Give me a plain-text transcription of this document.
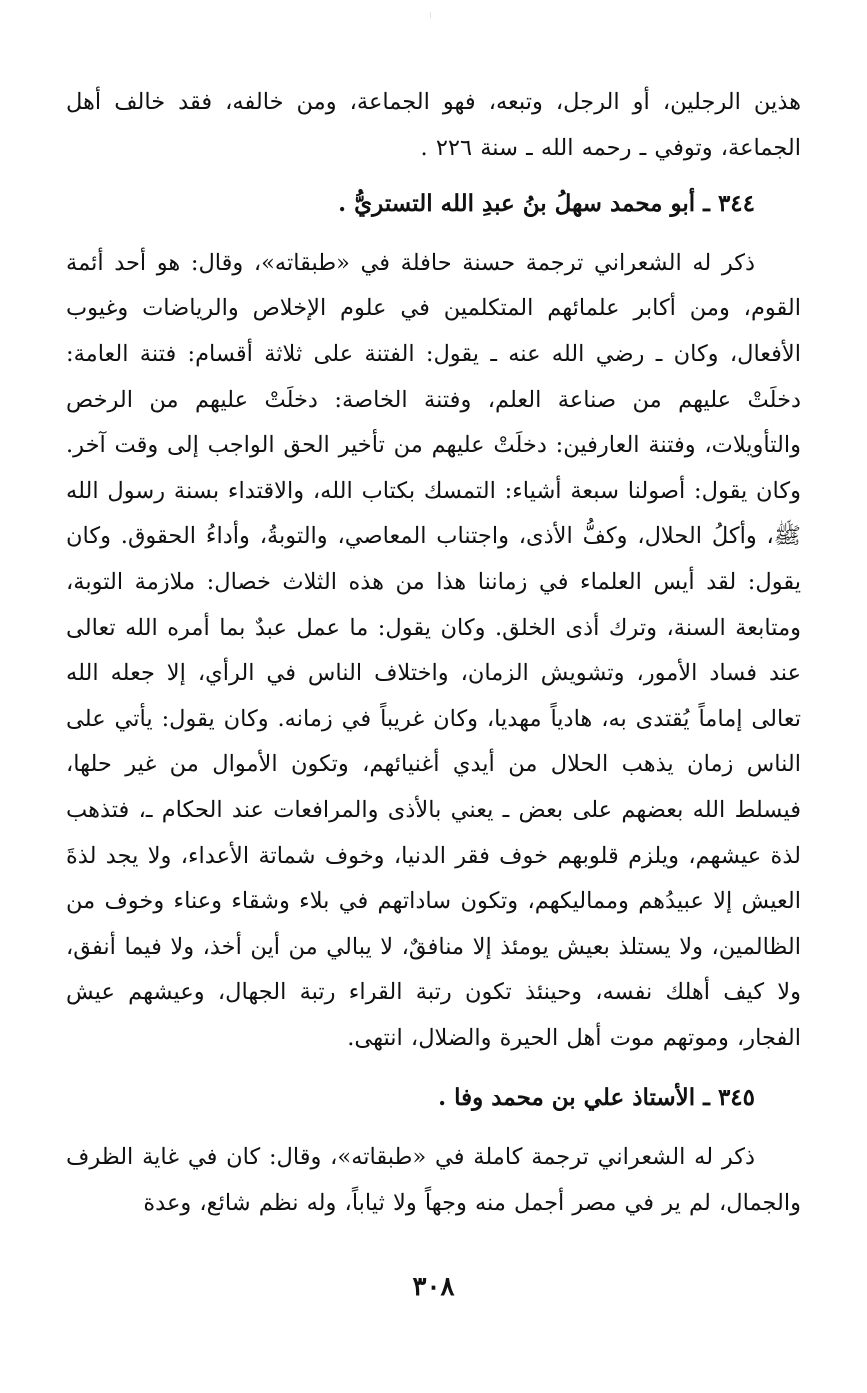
هذين الرجلين، أو الرجل، وتبعه، فهو الجماعة، ومن خالفه، فقد خالف أهل الجماعة، وتوفي ـ رحمه الله ـ سنة ٢٢٦ .

٣٤٤ ـ أبو محمد سهلُ بنُ عبدِ الله التستريُّ .

ذكر له الشعراني ترجمة حسنة حافلة في «طبقاته»، وقال: هو أحد أئمة القوم، ومن أكابر علمائهم المتكلمين في علوم الإخلاص والرياضات وغيوب الأفعال، وكان ـ رضي الله عنه ـ يقول: الفتنة على ثلاثة أقسام: فتنة العامة: دخلَتْ عليهم من صناعة العلم، وفتنة الخاصة: دخلَتْ عليهم من الرخص والتأويلات، وفتنة العارفين: دخلَتْ عليهم من تأخير الحق الواجب إلى وقت آخر. وكان يقول: أصولنا سبعة أشياء: التمسك بكتاب الله، والاقتداء بسنة رسول الله ﷺ، وأكلُ الحلال، وكفُّ الأذى، واجتناب المعاصي، والتوبةُ، وأداءُ الحقوق. وكان يقول: لقد أيس العلماء في زماننا هذا من هذه الثلاث خصال: ملازمة التوبة، ومتابعة السنة، وترك أذى الخلق. وكان يقول: ما عمل عبدٌ بما أمره الله تعالى عند فساد الأمور، وتشويش الزمان، واختلاف الناس في الرأي، إلا جعله الله تعالى إماماً يُقتدى به، هادياً مهديا، وكان غريباً في زمانه. وكان يقول: يأتي على الناس زمان يذهب الحلال من أيدي أغنيائهم، وتكون الأموال من غير حلها، فيسلط الله بعضهم على بعض ـ يعني بالأذى والمرافعات عند الحكام ـ، فتذهب لذة عيشهم، ويلزم قلوبهم خوف فقر الدنيا، وخوف شماتة الأعداء، ولا يجد لذةَ العيش إلا عبيدُهم ومماليكهم، وتكون ساداتهم في بلاء وشقاء وعناء وخوف من الظالمين، ولا يستلذ بعيش يومئذ إلا منافقٌ، لا يبالي من أين أخذ، ولا فيما أنفق، ولا كيف أهلك نفسه، وحينئذ تكون رتبة القراء رتبة الجهال، وعيشهم عيش الفجار، وموتهم موت أهل الحيرة والضلال، انتهى.

٣٤٥ ـ الأستاذ علي بن محمد وفا .

ذكر له الشعراني ترجمة كاملة في «طبقاته»، وقال: كان في غاية الظرف والجمال، لم ير في مصر أجمل منه وجهاً ولا ثياباً، وله نظم شائع، وعدة

٣٠٨
